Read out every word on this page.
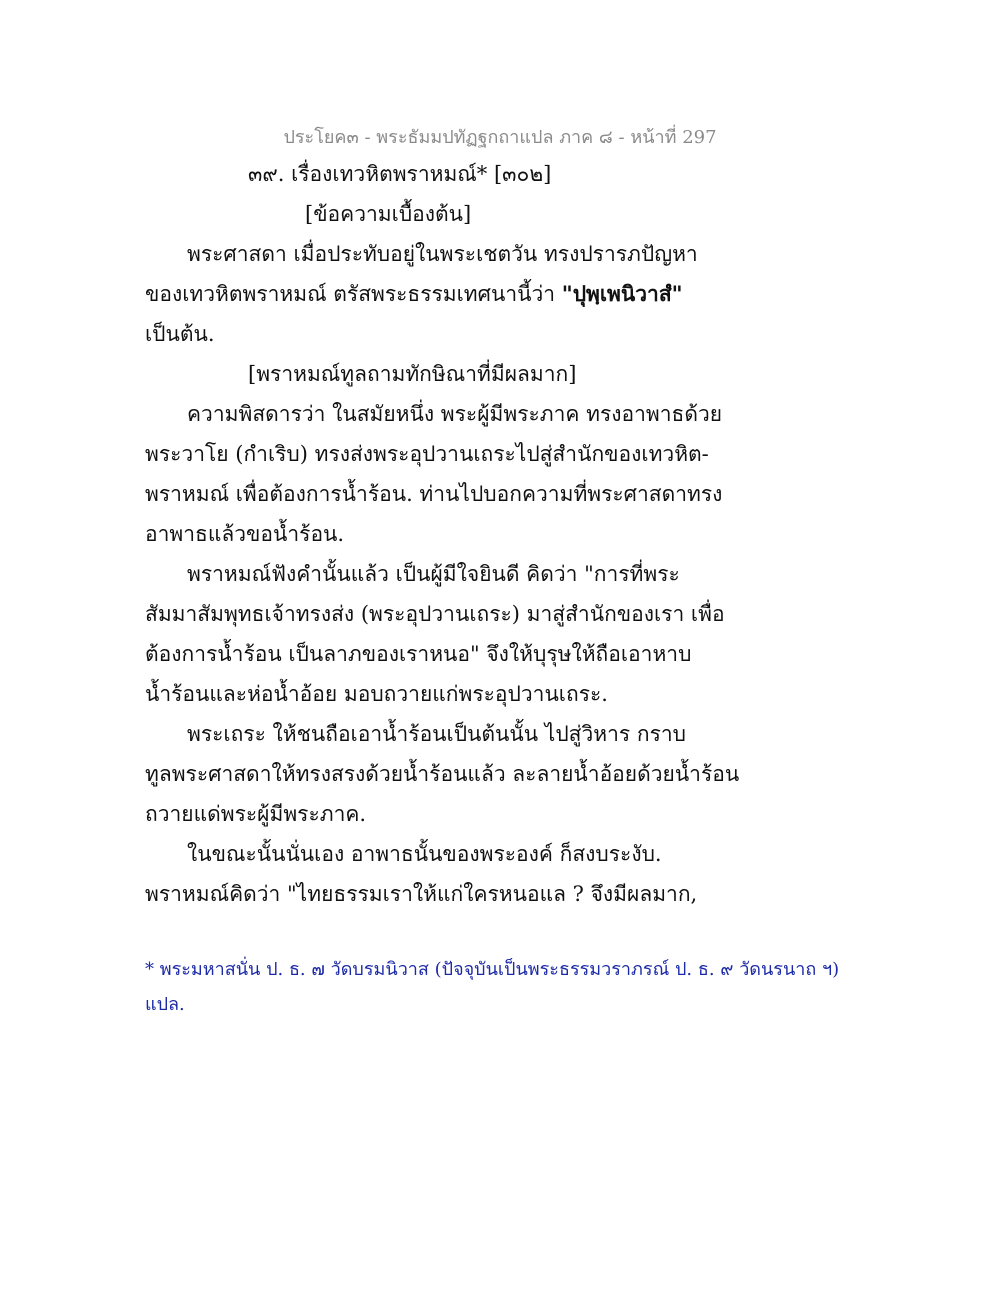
ประโยค๓ - พระธัมมปทัฏฐกถาแปล ภาค ๘ - หน้าที่ 297
๓๙. เรื่องเทวหิตพราหมณ์* [๓๐๒]
[ข้อความเบื้องต้น]
พระศาสดา เมื่อประทับอยู่ในพระเชตวัน ทรงปรารภปัญหา
ของเทวหิตพราหมณ์ ตรัสพระธรรมเทศนานี้ว่า "ปุพฺเพนิวาสํ"
เป็นต้น.
[พราหมณ์ทูลถามทักษิณาที่มีผลมาก]
ความพิสดารว่า ในสมัยหนึ่ง พระผู้มีพระภาค ทรงอาพาธด้วย
พระวาโย (กำเริบ) ทรงส่งพระอุปวานเถระไปสู่สำนักของเทวหิต-
พราหมณ์ เพื่อต้องการน้ำร้อน. ท่านไปบอกความที่พระศาสดาทรง
อาพาธแล้วขอน้ำร้อน.
พราหมณ์ฟังคำนั้นแล้ว เป็นผู้มีใจยินดี คิดว่า "การที่พระ
สัมมาสัมพุทธเจ้าทรงส่ง (พระอุปวานเถระ) มาสู่สำนักของเรา เพื่อ
ต้องการน้ำร้อน เป็นลาภของเราหนอ" จึงให้บุรุษให้ถือเอาหาบ
น้ำร้อนและห่อน้ำอ้อย มอบถวายแก่พระอุปวานเถระ.
พระเถระ ให้ชนถือเอาน้ำร้อนเป็นต้นนั้น ไปสู่วิหาร กราบ
ทูลพระศาสดาให้ทรงสรงด้วยน้ำร้อนแล้ว ละลายน้ำอ้อยด้วยน้ำร้อน
ถวายแด่พระผู้มีพระภาค.
ในขณะนั้นนั่นเอง อาพาธนั้นของพระองค์ ก็สงบระงับ.
พราหมณ์คิดว่า "ไทยธรรมเราให้แก่ใครหนอแล ? จึงมีผลมาก,
* พระมหาสนั่น ป. ธ. ๗ วัดบรมนิวาส (ปัจจุบันเป็นพระธรรมวราภรณ์ ป. ธ. ๙ วัดนรนาถ ฯ)
แปล.
